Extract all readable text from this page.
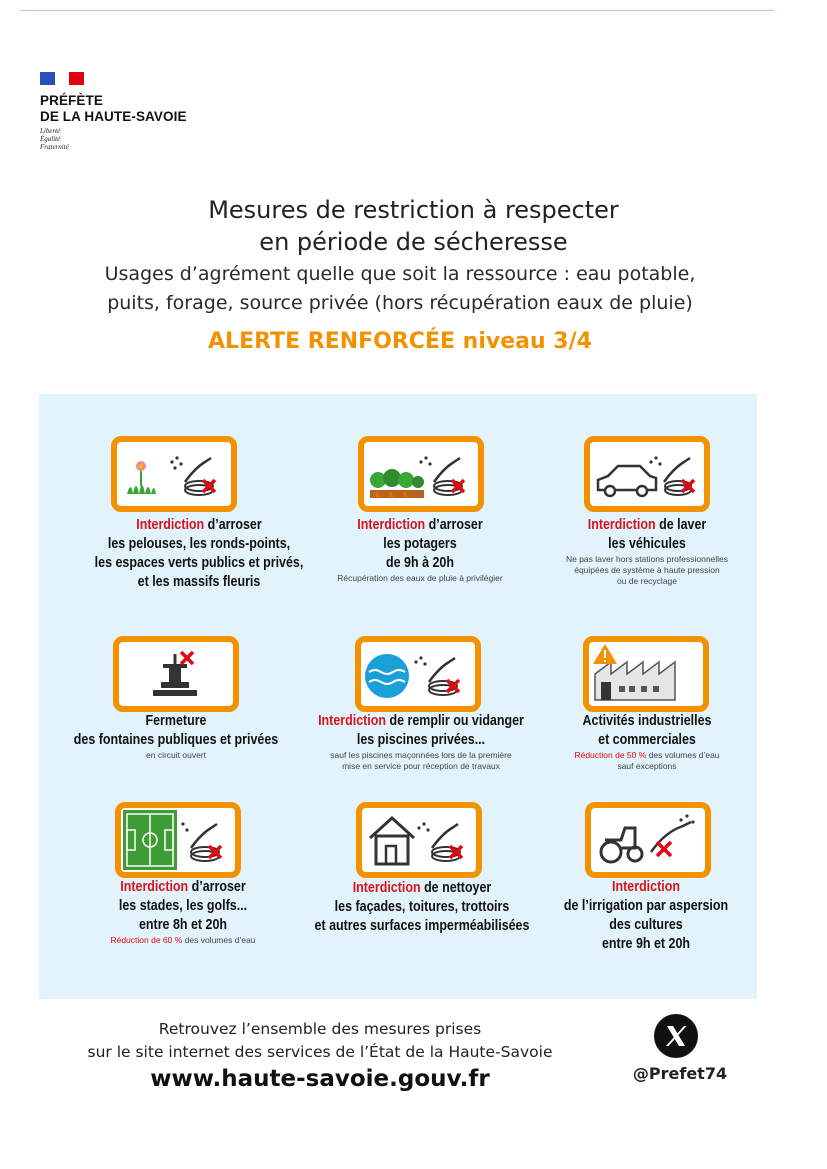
PRÉFÈTE
DE LA HAUTE-SAVOIE
Liberté
Égalité
Fraternité
Mesures de restriction à respecter
en période de sécheresse
Usages d’agrément quelle que soit la ressource : eau potable,
puits, forage, source privée (hors récupération eaux de pluie)
ALERTE RENFORCÉE niveau 3/4
Interdiction d’arroser
les pelouses, les ronds-points,
les espaces verts publics et privés,
et les massifs fleuris
Interdiction d’arroser
les potagers
de 9h à 20h
Récupération des eaux de pluie à privilégier
Interdiction de laver
les véhicules
Ne pas laver hors stations professionnelles
équipées de système à haute pression
ou de recyclage
Fermeture
des fontaines publiques et privées
en circuit ouvert
Interdiction de remplir ou vidanger
les piscines privées...
sauf les piscines maçonnées lors de la première
mise en service pour réception de travaux
Activités industrielles
et commerciales
Réduction de 50 % des volumes d’eau
sauf exceptions
Interdiction d’arroser
les stades, les golfs...
entre 8h et 20h
Réduction de 60 % des volumes d’eau
Interdiction de nettoyer
les façades, toitures, trottoirs
et autres surfaces imperméabilisées
Interdiction
de l’irrigation par aspersion
des cultures
entre 9h et 20h
Retrouvez l’ensemble des mesures prises
sur le site internet des services de l’État de la Haute-Savoie
www.haute-savoie.gouv.fr	@Prefet74
